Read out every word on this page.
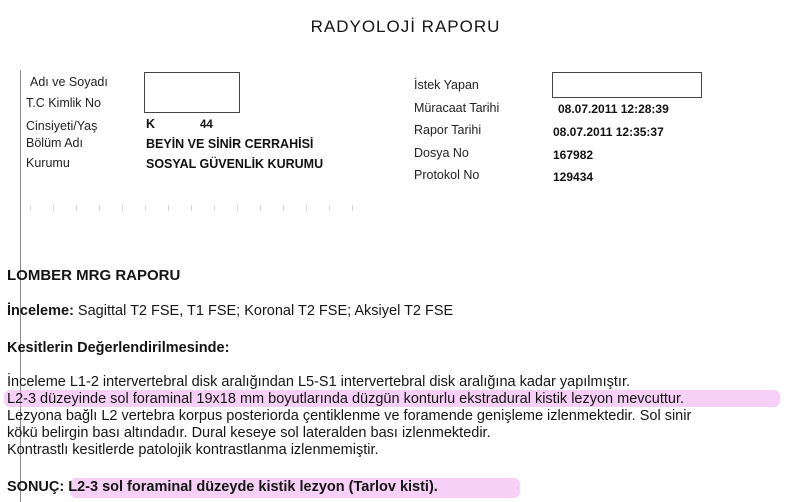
RADYOLOJİ RAPORU
Adı ve Soyadı
T.C Kimlik No
Cinsiyeti/Yaş
Bölüm Adı
Kurumu
K	44
BEYİN VE SİNİR CERRAHİSİ
SOSYAL GÜVENLİK KURUMU
İstek Yapan
Müracaat Tarihi
Rapor Tarihi
Dosya No
Protokol No
08.07.2011 12:28:39
08.07.2011 12:35:37
167982
129434
LOMBER MRG RAPORU
İnceleme: Sagittal T2 FSE, T1 FSE; Koronal T2 FSE; Aksiyel T2 FSE
Kesitlerin Değerlendirilmesinde:
İnceleme L1-2 intervertebral disk aralığından L5-S1 intervertebral disk aralığına kadar yapılmıştır.
L2-3 düzeyinde sol foraminal 19x18 mm boyutlarında düzgün konturlu ekstradural kistik lezyon mevcuttur.
Lezyona bağlı L2 vertebra korpus posteriorda çentiklenme ve foramende genişleme izlenmektedir. Sol sinir
kökü belirgin bası altındadır. Dural keseye sol lateralden bası izlenmektedir.
Kontrastlı kesitlerde patolojik kontrastlanma izlenmemiştir.
SONUÇ: L2-3 sol foraminal düzeyde kistik lezyon (Tarlov kisti).
